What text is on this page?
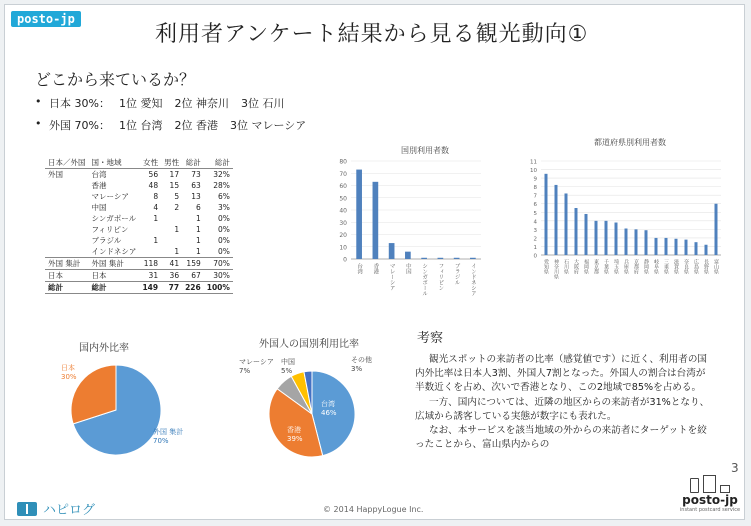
posto-jp
利用者アンケート結果から見る観光動向①
どこから来ているか？
• 日本 30%： 1位 愛知 2位 神奈川 3位 石川
• 外国 70%： 1位 台湾 2位 香港 3位 マレーシア
日本／外国	国・地域	女性	男性	総計	総計
外国	台湾	56	17	73	32%
	香港	48	15	63	28%
	マレーシア	8	5	13	6%
	中国	4	2	6	3%
	シンガポール	1		1	0%
	フィリピン		1	1	0%
	ブラジル	1		1	0%
	インドネシア		1	1	0%
外国 集計	外国 集計	118	41	159	70%
日本	日本	31	36	67	30%
総計	総計	149	77	226	100%
国別利用者数
0
10
20
30
40
50
60
70
80
台湾 香港 マレーシア 中国 シンガポール フィリピン ブラジル インドネシア
都道府県別利用者数
0
1
2
3
4
5
6
7
8
9
10
11
愛知県 神奈川県 石川県 大阪府 福岡県 東京都 千葉県 埼玉県 兵庫県 京都府 静岡県 岐阜県 三重県 滋賀県 奈良県 広島県 長野県 富山県
国内外比率
日本
30%
外国 集計
70%
外国人の国別利用比率
マレーシア
7%
中国
5%
その他
3%
台湾
46%
香港
39%
考察

観光スポットの来訪者の比率（感覚値です）に近く、利用者の国内外比率は日本人3割、外国人7割となった。外国人の割合は台湾が半数近くを占め、次いで香港となり、この2地域で85%を占める。

一方、国内については、近隣の地区からの来訪者が31%となり、広域から誘客している実態が数字にも表れた。

なお、本サービスを該当地域の外からの来訪者にターゲットを絞ったことから、富山県内からの

3
ハピログ	© 2014 HappyLogue Inc.
posto-jp
instant postcard service
